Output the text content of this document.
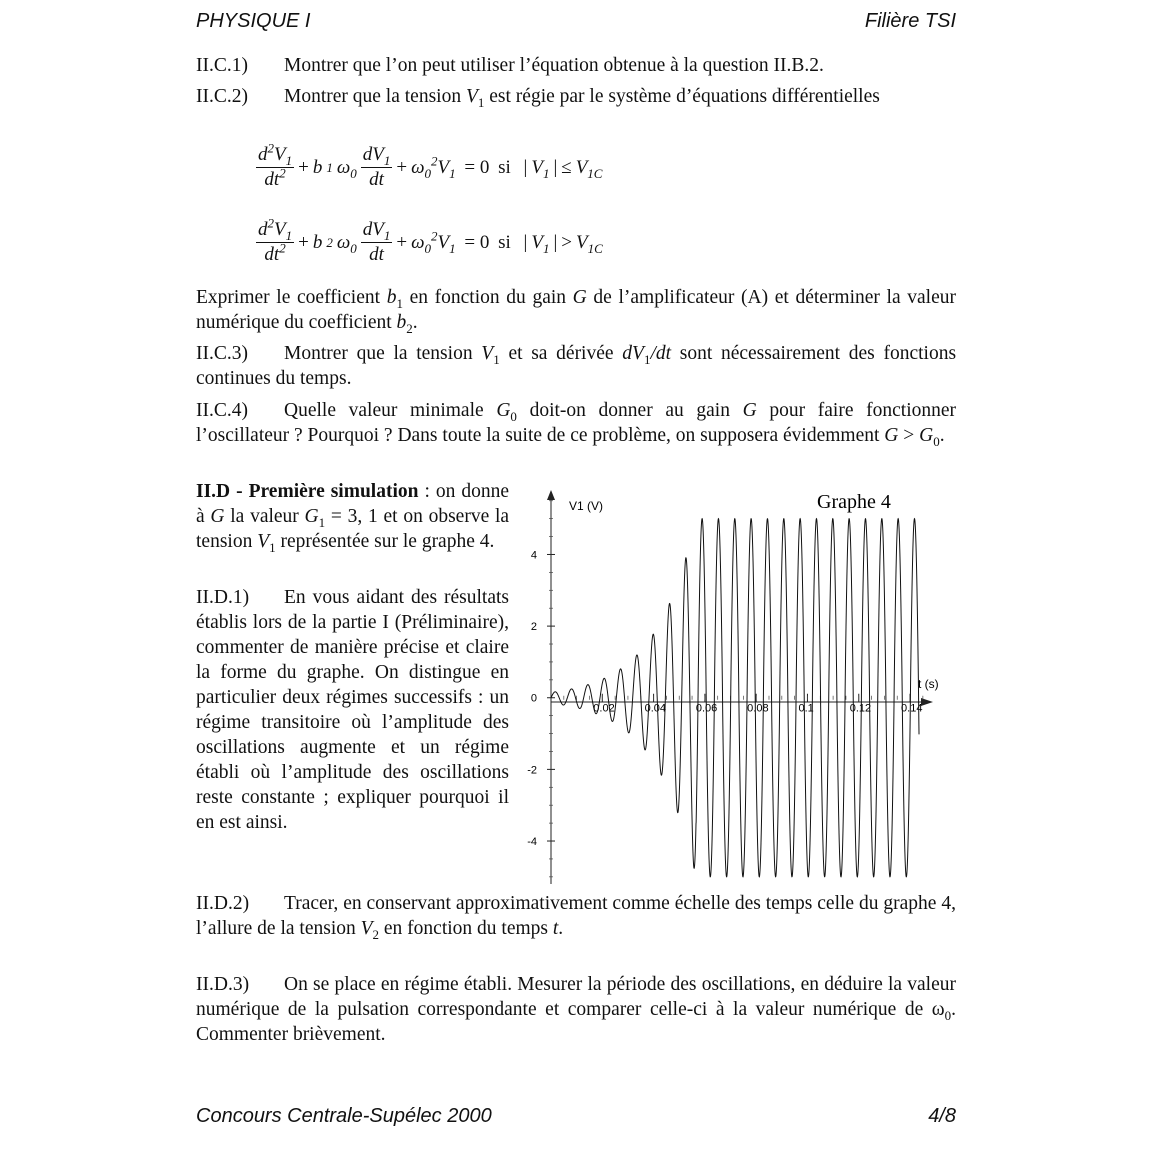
PHYSIQUE I	Filière TSI
II.C.1) Montrer que l’on peut utiliser l’équation obtenue à la question II.B.2.
II.C.2) Montrer que la tension $V_1$ est régie par le système d’équations différentielles
$\frac{d^2V_1}{dt^2} + b$ 1 $\omega_0 \frac{dV_1}{dt} + \omega_0^2V_1 = 0$ si
| $V_1$ | ≤ $V_{1C}$
$\frac{d^2V_1}{dt^2} + b$ 2 $\omega_0 \frac{dV_1}{dt} + \omega_0^2V_1 = 0$ si
| $V_1$ | > $V_{1C}$
Exprimer le coefficient $b_1$ en fonction du gain G de l’amplificateur (A) et déterminer la valeur numérique du coefficient $b_2$.
II.C.3) Montrer que la tension $V_1$ et sa dérivée $dV_1/dt$ sont nécessairement des fonctions continues du temps.
II.C.4) Quelle valeur minimale $G_0$ doit-on donner au gain G pour faire fonctionner l’oscillateur ? Pourquoi ? Dans toute la suite de ce problème, on supposera évidemment $G > G_0$.
II.D - Première simulation : on donne à G la valeur $G_1 = 3$, 1 et on observe la tension $V_1$ représentée sur le graphe 4.
II.D.1) En vous aidant des résultats établis lors de la partie I (Préliminaire), commenter de manière précise et claire la forme du graphe. On distingue en particulier deux régimes successifs : un régime transitoire où l’amplitude des oscillations augmente et un régime établi où l’amplitude des oscillations reste constante ; expliquer pourquoi il en est ainsi.
II.D.2) Tracer, en conservant approximativement comme échelle des temps celle du graphe 4, l’allure de la tension $V_2$ en fonction du temps t.
II.D.3) On se place en régime établi. Mesurer la période des oscillations, en déduire la valeur numérique de la pulsation correspondante et comparer celle-ci à la valeur numérique de $\omega_0$. Commenter brièvement.
Graphe 4
V1 (V)
t (s)
0.02	0.04	0.06	0.08	0.1	0.12	0.14
4
2
0
-2
-4
Concours Centrale-Supélec 2000	4/8
